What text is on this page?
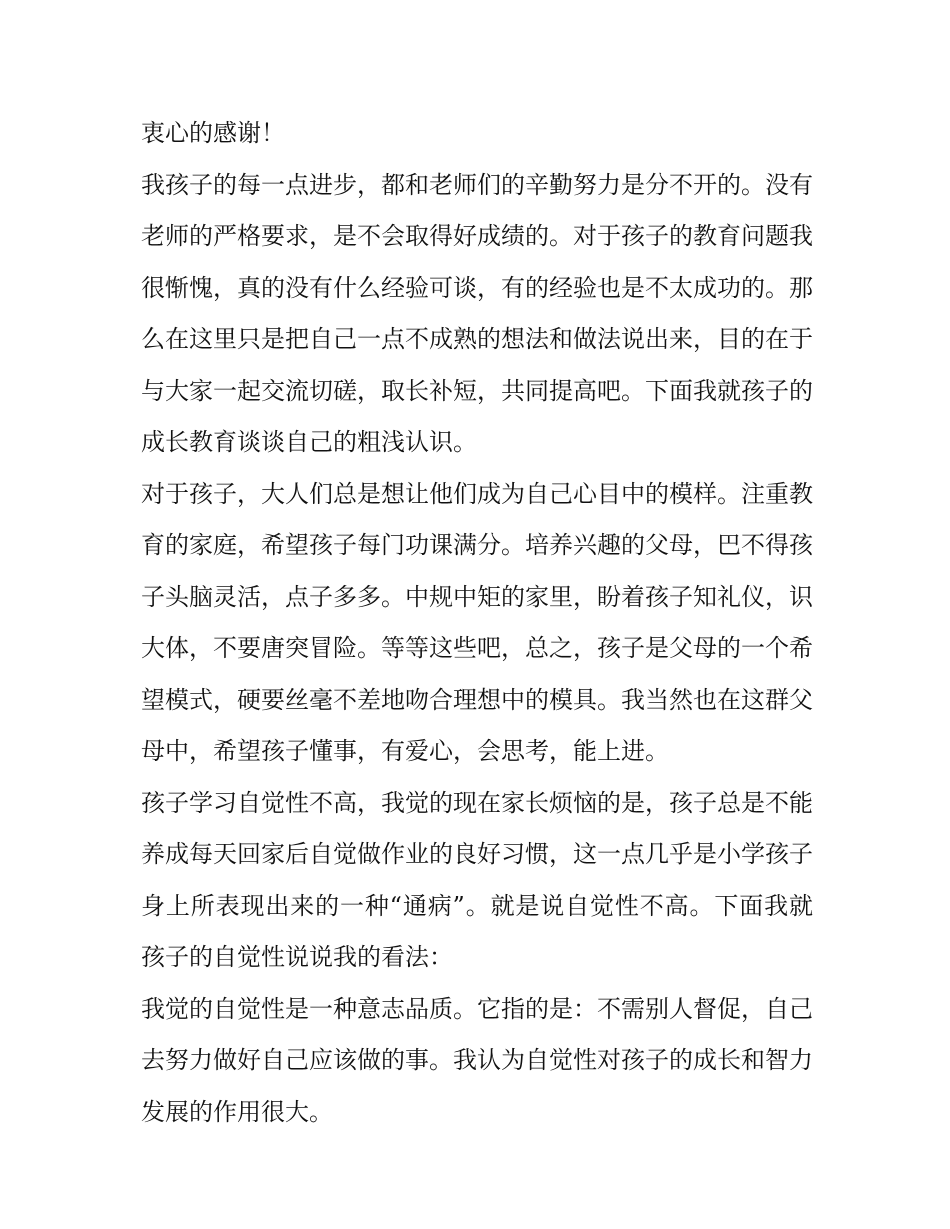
衷心的感谢！

我孩子的每一点进步，都和老师们的辛勤努力是分不开的。没有老师的严格要求，是不会取得好成绩的。对于孩子的教育问题我很惭愧，真的没有什么经验可谈，有的经验也是不太成功的。那么在这里只是把自己一点不成熟的想法和做法说出来，目的在于与大家一起交流切磋，取长补短，共同提高吧。下面我就孩子的成长教育谈谈自己的粗浅认识。

对于孩子，大人们总是想让他们成为自己心目中的模样。注重教育的家庭，希望孩子每门功课满分。培养兴趣的父母，巴不得孩子头脑灵活，点子多多。中规中矩的家里，盼着孩子知礼仪，识大体，不要唐突冒险。等等这些吧，总之，孩子是父母的一个希望模式，硬要丝毫不差地吻合理想中的模具。我当然也在这群父母中，希望孩子懂事，有爱心，会思考，能上进。

孩子学习自觉性不高，我觉的现在家长烦恼的是，孩子总是不能养成每天回家后自觉做作业的良好习惯，这一点几乎是小学孩子身上所表现出来的一种“通病”。就是说自觉性不高。下面我就孩子的自觉性说说我的看法：

我觉的自觉性是一种意志品质。它指的是：不需别人督促，自己去努力做好自己应该做的事。我认为自觉性对孩子的成长和智力发展的作用很大。
